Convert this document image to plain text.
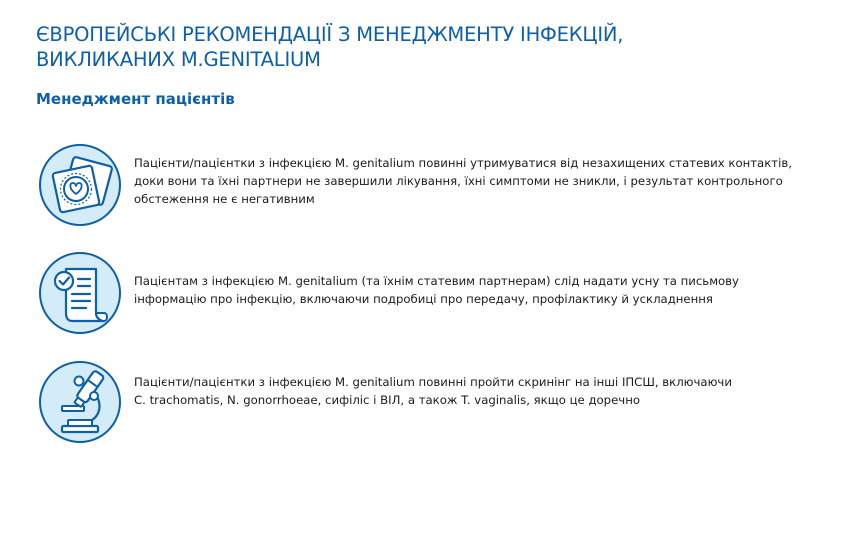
ЄВРОПЕЙСЬКІ РЕКОМЕНДАЦІЇ З МЕНЕДЖМЕНТУ ІНФЕКЦІЙ,
ВИКЛИКАНИХ M.GENITALIUM
Менеджмент пацієнтів

Пацієнти/пацієнтки з інфекцією M. genitalium повинні утримуватися від незахищених статевих контактів,
доки вони та їхні партнери не завершили лікування, їхні симптоми не зникли, і результат контрольного
обстеження не є негативним

Пацієнтам з інфекцією M. genitalium (та їхнім статевим партнерам) слід надати усну та письмову
інформацію про інфекцію, включаючи подробиці про передачу, профілактику й ускладнення

Пацієнти/пацієнтки з інфекцією M. genitalium повинні пройти скринінг на інші ІПСШ, включаючи
C. trachomatis, N. gonorrhoeae, сифіліс і ВІЛ, а також T. vaginalis, якщо це доречно
